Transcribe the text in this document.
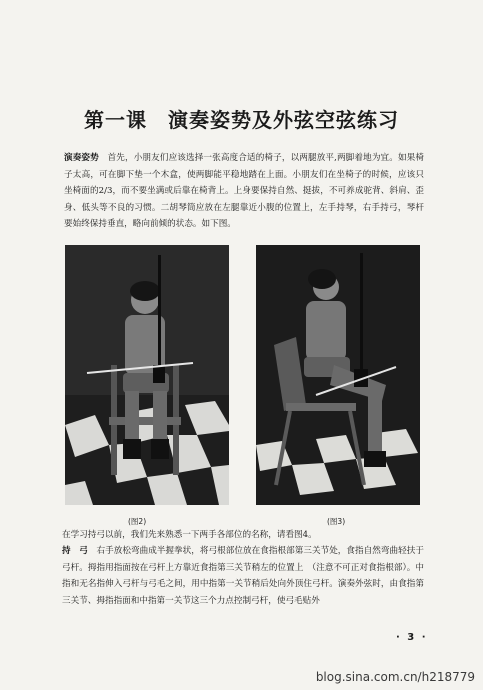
第一课　演奏姿势及外弦空弦练习
演奏姿势　首先，小朋友们应该选择一张高度合适的椅子，以两腿放平,两脚着地为宜。如果椅子太高，可在脚下垫一个木盒，使两脚能平稳地踏在上面。小朋友们在坐椅子的时候，应该只坐椅面的2/3，而不要坐满或后靠在椅背上。上身要保持自然、挺拔，不可养成驼背、斜肩、歪身、低头等不良的习惯。二胡琴筒应放在左腿靠近小腹的位置上，左手持琴，右手持弓，琴杆要始终保持垂直，略向前倾的状态。如下图。
(图2)	(图3)
在学习持弓以前，我们先来熟悉一下两手各部位的名称，请看图4。
持　弓　右手放松弯曲成半握拳状，将弓根部位放在食指根部第三关节处，食指自然弯曲轻扶于弓杆。拇指用指面按在弓杆上方靠近食指第三关节稍左的位置上　（注意不可正对食指根部）。中指和无名指伸入弓杆与弓毛之间，用中指第一关节稍后处向外顶住弓杆。演奏外弦时，由食指第三关节、拇指指面和中指第一关节这三个力点控制弓杆，使弓毛贴外
· 3 ·
blog.sina.com.cn/h218779
